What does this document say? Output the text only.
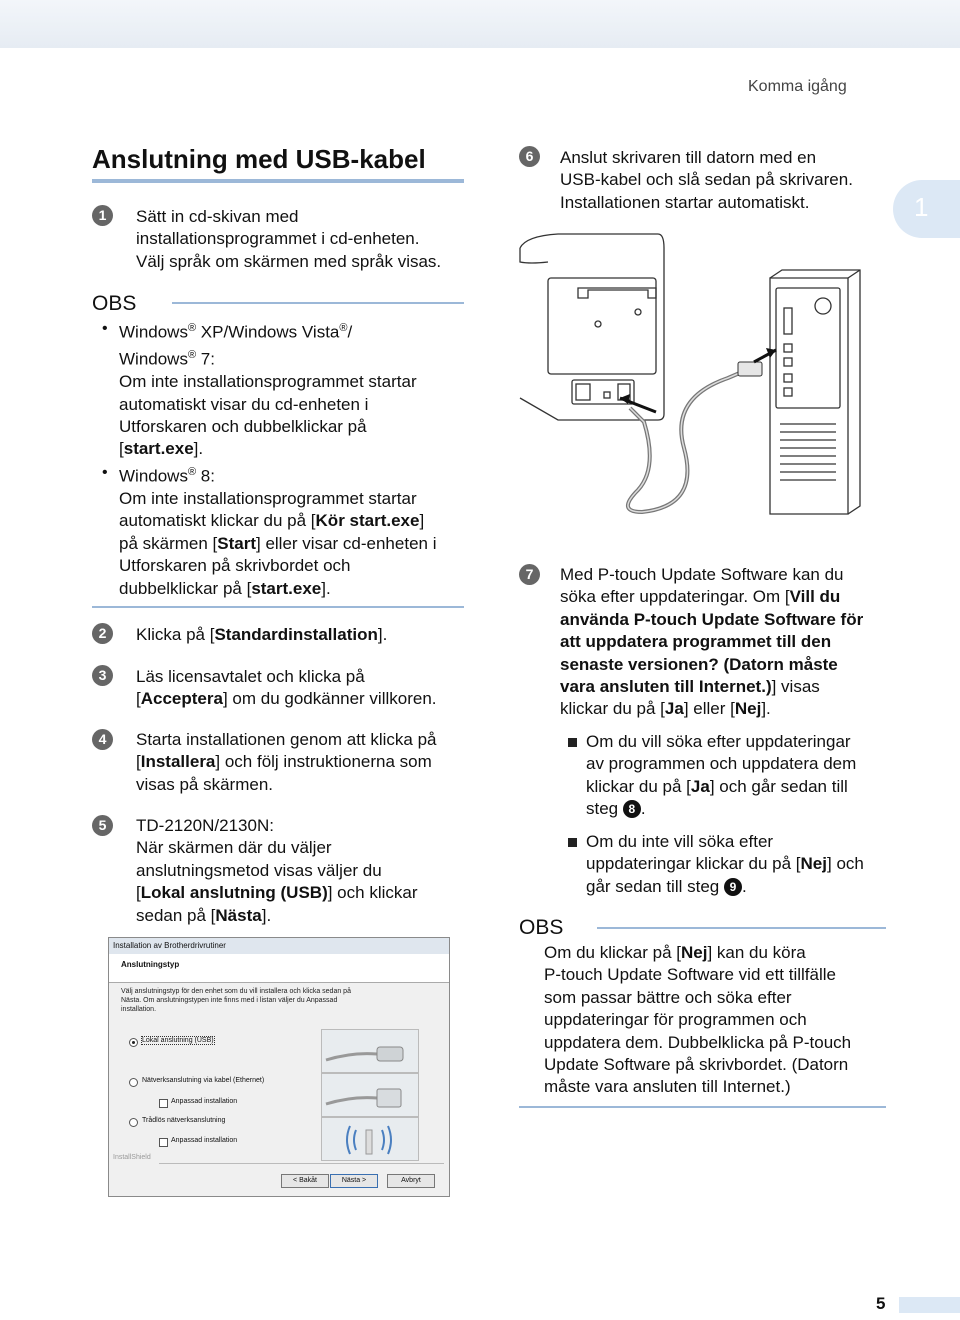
Komma igång
1
Anslutning med USB-kabel
1	Sätt in cd-skivan med
installationsprogrammet i cd-enheten.
Välj språk om skärmen med språk visas.
OBS
• Windows® XP/Windows Vista®/
Windows® 7:
Om inte installationsprogrammet startar
automatiskt visar du cd-enheten i
Utforskaren och dubbelklickar på
[start.exe].
• Windows® 8:
Om inte installationsprogrammet startar
automatiskt klickar du på [Kör start.exe]
på skärmen [Start] eller visar cd-enheten i
Utforskaren på skrivbordet och
dubbelklickar på [start.exe].
2	Klicka på [Standardinstallation].
3	Läs licensavtalet och klicka på
[Acceptera] om du godkänner villkoren.
4	Starta installationen genom att klicka på
[Installera] och följ instruktionerna som
visas på skärmen.
5	TD-2120N/2130N:
När skärmen där du väljer
anslutningsmetod visas väljer du
[Lokal anslutning (USB)] och klickar
sedan på [Nästa].
Installation av Brotherdrivrutiner
Anslutningstyp
Välj anslutningstyp för den enhet som du vill installera och klicka sedan på Nästa. Om anslutningstypen inte finns med i listan väljer du Anpassad installation.
Lokal anslutning (USB)
Nätverksanslutning via kabel (Ethernet)
Anpassad installation
Trådlös nätverksanslutning
Anpassad installation
InstallShield
< Bakåt	Nästa >	Avbryt
6	Anslut skrivaren till datorn med en
USB-kabel och slå sedan på skrivaren.
Installationen startar automatiskt.
7	Med P-touch Update Software kan du
söka efter uppdateringar. Om [Vill du
använda P-touch Update Software för
att uppdatera programmet till den
senaste versionen? (Datorn måste
vara ansluten till Internet.)] visas
klickar du på [Ja] eller [Nej].
Om du vill söka efter uppdateringar
av programmen och uppdatera dem
klickar du på [Ja] och går sedan till
steg 8 .
Om du inte vill söka efter
uppdateringar klickar du på [Nej] och
går sedan till steg 9 .
OBS
Om du klickar på [Nej] kan du köra
P-touch Update Software vid ett tillfälle
som passar bättre och söka efter
uppdateringar för programmen och
uppdatera dem. Dubbelklicka på P-touch
Update Software på skrivbordet. (Datorn
måste vara ansluten till Internet.)
5
